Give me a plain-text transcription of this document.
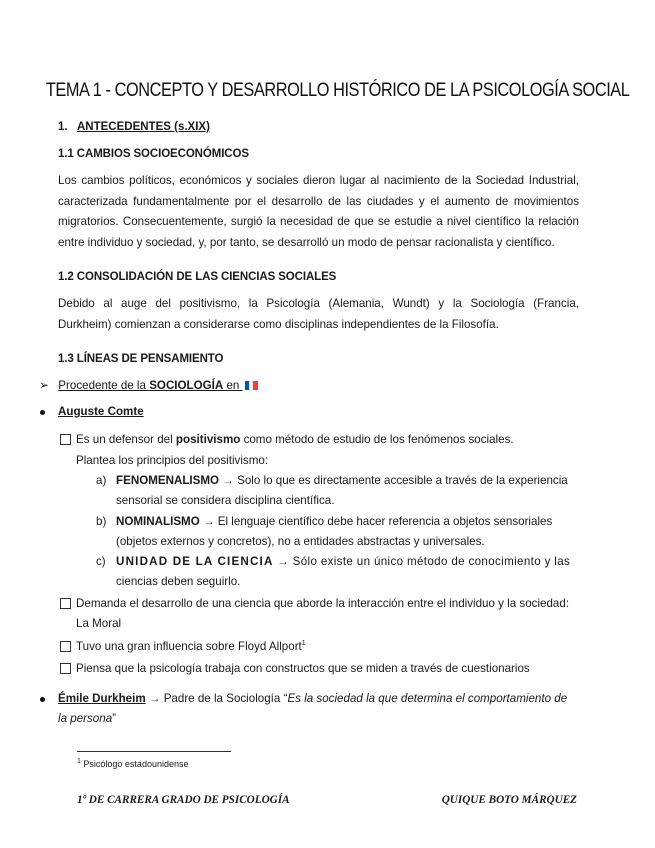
TEMA 1 - CONCEPTO Y DESARROLLO HISTÓRICO DE LA PSICOLOGÍA SOCIAL
1. ANTECEDENTES (s.XIX)
1.1 CAMBIOS SOCIOECONÓMICOS
Los cambios políticos, económicos y sociales dieron lugar al nacimiento de la Sociedad Industrial,
caracterizada fundamentalmente por el desarrollo de las ciudades y el aumento de movimientos
migratorios. Consecuentemente, surgió la necesidad de que se estudie a nivel científico la relación
entre individuo y sociedad, y, por tanto, se desarrolló un modo de pensar racionalista y científico.
1.2 CONSOLIDACIÓN DE LAS CIENCIAS SOCIALES
Debido al auge del positivismo, la Psicología (Alemania, Wundt) y la Sociología (Francia,
Durkheim) comienzan a considerarse como disciplinas independientes de la Filosofía.
1.3 LÍNEAS DE PENSAMIENTO
➢ Procedente de la SOCIOLOGÍA en
Auguste Comte
Es un defensor del positivismo como método de estudio de los fenómenos sociales.
Plantea los principios del positivismo:
a) FENOMENALISMO → Solo lo que es directamente accesible a través de la experiencia
sensorial se considera disciplina científica.
b) NOMINALISMO → El lenguaje científico debe hacer referencia a objetos sensoriales
(objetos externos y concretos), no a entidades abstractas y universales.
c) UNIDAD DE LA CIENCIA → Sólo existe un único método de conocimiento y las
ciencias deben seguirlo.
Demanda el desarrollo de una ciencia que aborde la interacción entre el individuo y la sociedad:
La Moral
Tuvo una gran influencia sobre Floyd Allport$^1$
Piensa que la psicología trabaja con constructos que se miden a través de cuestionarios
Émile Durkheim → Padre de la Sociología “Es la sociedad la que determina el comportamiento de
la persona”
$^1$ Psicólogo estadounidense
1º DE CARRERA GRADO DE PSICOLOGÍA	QUIQUE BOTO MÁRQUEZ
